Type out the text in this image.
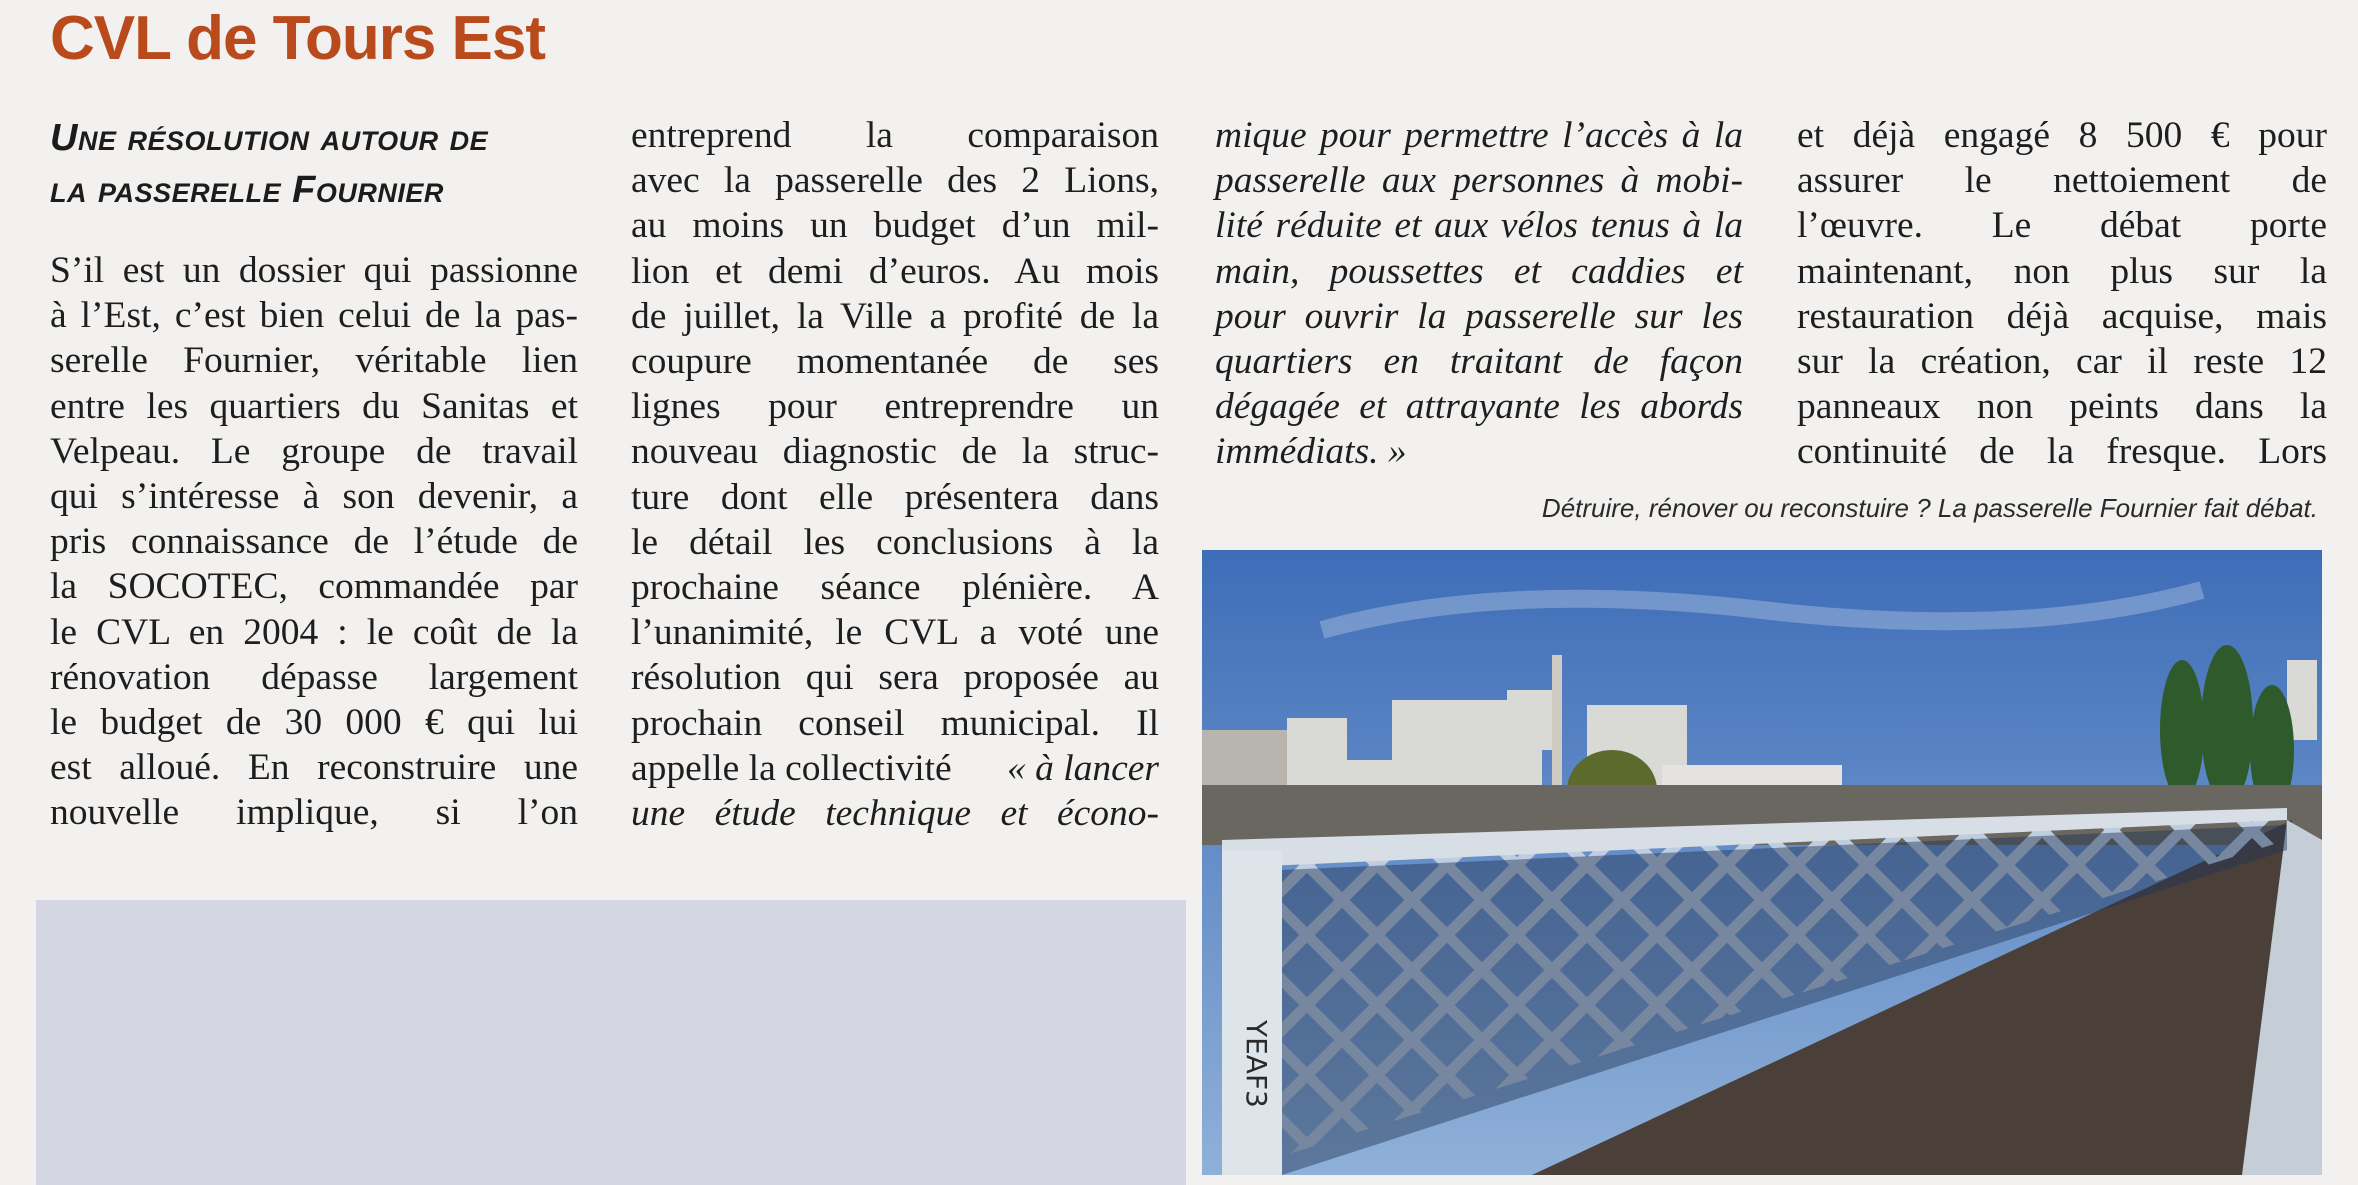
CVL de Tours Est
Une résolution autour de
la passerelle Fournier
S’il est un dossier qui passionne
à l’Est, c’est bien celui de la pas-
serelle Fournier, véritable lien
entre les quartiers du Sanitas et
Velpeau. Le groupe de travail
qui s’intéresse à son devenir, a
pris connaissance de l’étude de
la SOCOTEC, commandée par
le CVL en 2004 : le coût de la
rénovation dépasse largement
le budget de 30 000 € qui lui
est alloué. En reconstruire une
nouvelle implique, si l’on
entreprend la comparaison
avec la passerelle des 2 Lions,
au moins un budget d’un mil-
lion et demi d’euros. Au mois
de juillet, la Ville a profité de la
coupure momentanée de ses
lignes pour entreprendre un
nouveau diagnostic de la struc-
ture dont elle présentera dans
le détail les conclusions à la
prochaine séance plénière. A
l’unanimité, le CVL a voté une
résolution qui sera proposée au
prochain conseil municipal. Il
appelle la collectivité « à lancer
une étude technique et écono-
mique pour permettre l’accès à la
passerelle aux personnes à mobi-
lité réduite et aux vélos tenus à la
main, poussettes et caddies et
pour ouvrir la passerelle sur les
quartiers en traitant de façon
dégagée et attrayante les abords
immédiats. »
et déjà engagé 8 500 € pour
assurer le nettoiement de
l’œuvre. Le débat porte
maintenant, non plus sur la
restauration déjà acquise, mais
sur la création, car il reste 12
panneaux non peints dans la
continuité de la fresque. Lors
Détruire, rénover ou reconstuire ? La passerelle Fournier fait débat.
YEAF3
